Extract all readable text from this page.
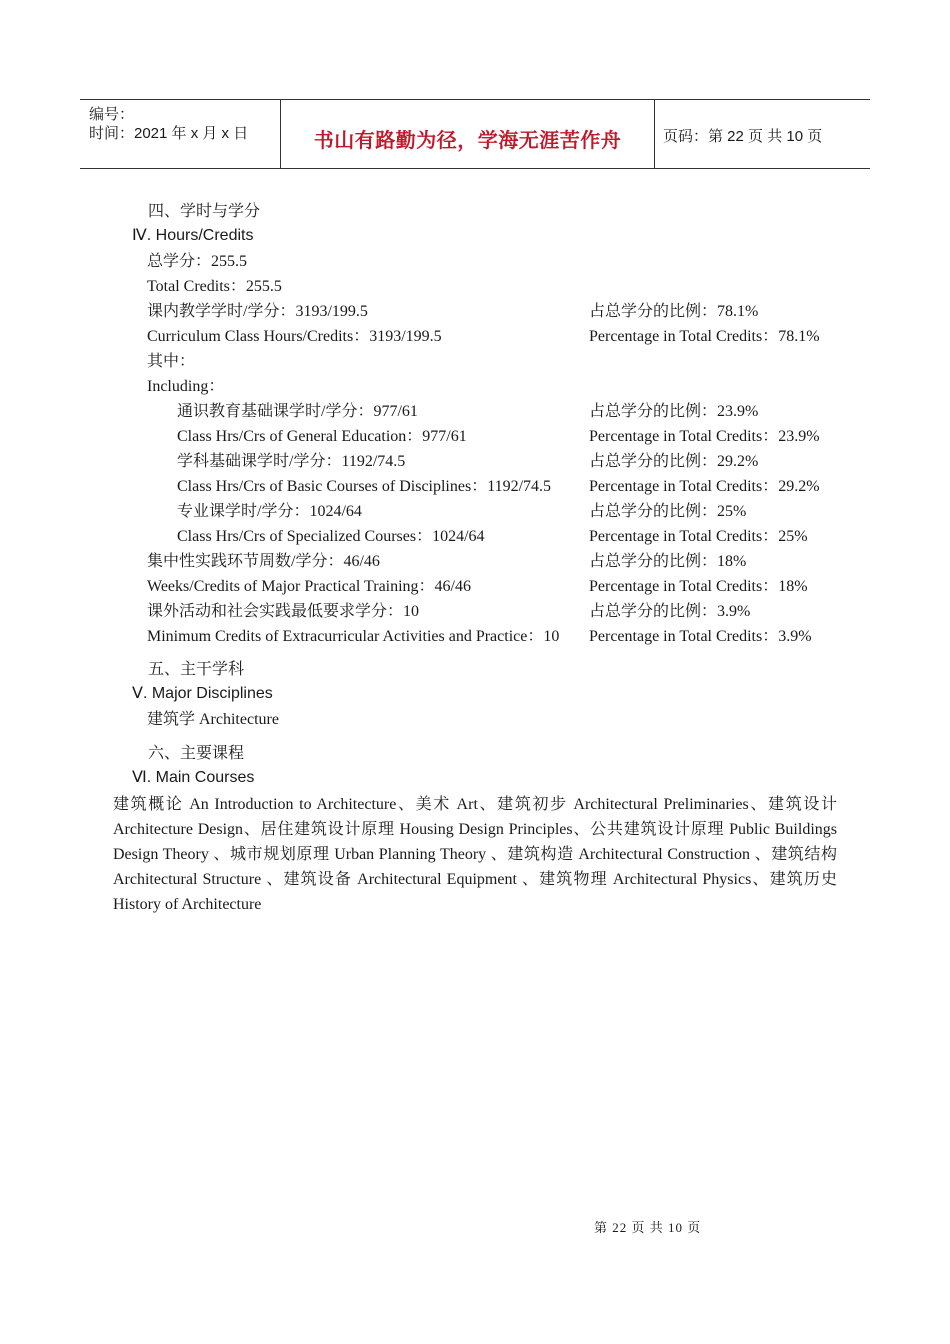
编号：
时间：2021 年 x 月 x 日	书山有路勤为径，学海无涯苦作舟	页码：第 22 页 共 10 页
四、学时与学分
Ⅳ. Hours/Credits
总学分：255.5
Total Credits：255.5
课内教学学时/学分：3193/199.5	占总学分的比例：78.1%
Curriculum Class Hours/Credits：3193/199.5	Percentage in Total Credits：78.1%
其中：
Including：
通识教育基础课学时/学分：977/61	占总学分的比例：23.9%
Class Hrs/Crs of General Education：977/61	Percentage in Total Credits：23.9%
学科基础课学时/学分：1192/74.5	占总学分的比例：29.2%
Class Hrs/Crs of Basic Courses of Disciplines：1192/74.5 Percentage in Total Credits：29.2%
专业课学时/学分：1024/64	占总学分的比例：25%
Class Hrs/Crs of Specialized Courses：1024/64	Percentage in Total Credits：25%
集中性实践环节周数/学分：46/46	占总学分的比例：18%
Weeks/Credits of Major Practical Training：46/46	Percentage in Total Credits：18%
课外活动和社会实践最低要求学分：10	占总学分的比例：3.9%
Minimum Credits of Extracurricular Activities and Practice：10 Percentage in Total Credits：3.9%
五、主干学科
Ⅴ. Major Disciplines
建筑学 Architecture
六、主要课程
Ⅵ. Main Courses
建筑概论 An Introduction to Architecture、美术 Art、建筑初步 Architectural Preliminaries、建筑设计 Architecture Design、居住建筑设计原理 Housing Design Principles、公共建筑设计原理 Public Buildings Design Theory 、城市规划原理 Urban Planning Theory 、建筑构造 Architectural Construction 、建筑结构 Architectural Structure 、建筑设备 Architectural Equipment 、建筑物理 Architectural Physics、建筑历史 History of Architecture
第 22 页 共 10 页
